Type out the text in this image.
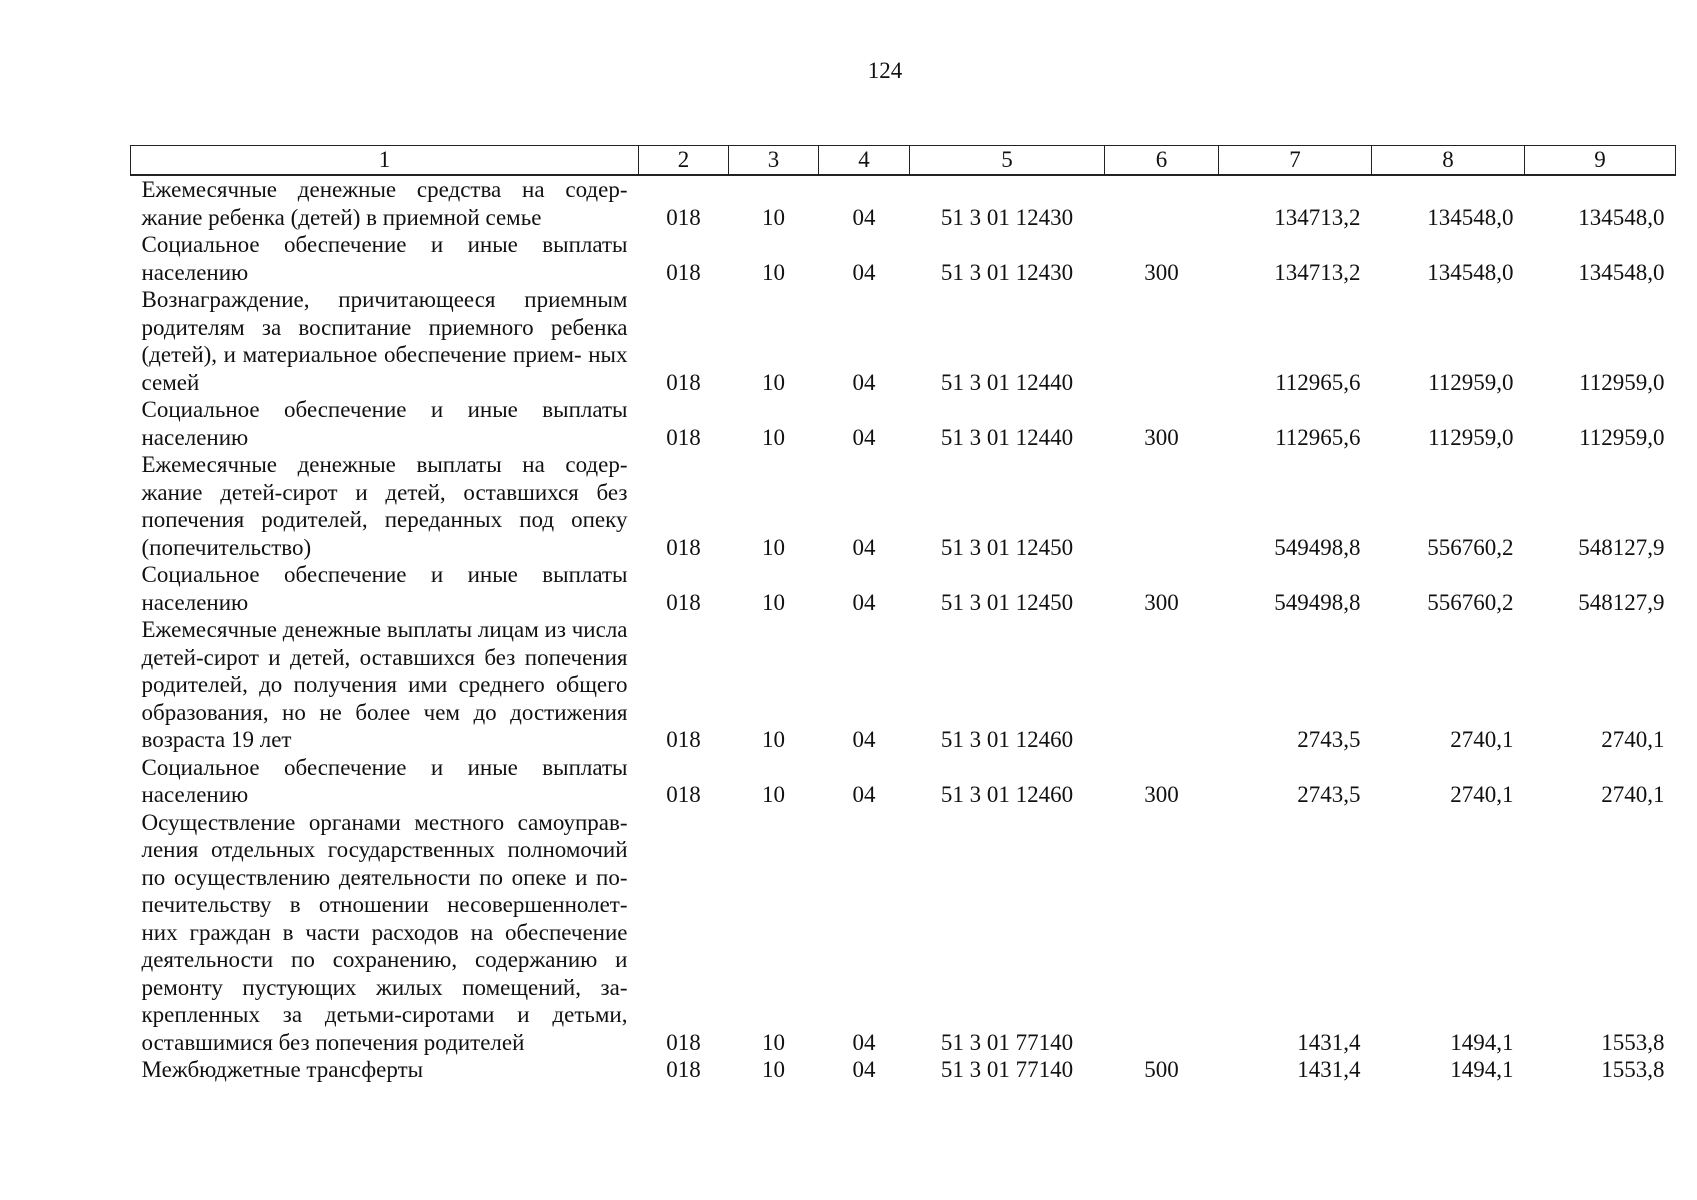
124
1	2	3	4	5	6	7	8	9
Ежемесячные денежные средства на содер- жание ребенка (детей) в приемной семье	018	10	04	51 3 01 12430		134713,2	134548,0	134548,0
Социальное обеспечение и иные выплаты населению	018	10	04	51 3 01 12430	300	134713,2	134548,0	134548,0
Вознаграждение, причитающееся приемным родителям за воспитание приемного ребенка (детей), и материальное обеспечение прием- ных семей	018	10	04	51 3 01 12440		112965,6	112959,0	112959,0
Социальное обеспечение и иные выплаты населению	018	10	04	51 3 01 12440	300	112965,6	112959,0	112959,0
Ежемесячные денежные выплаты на содер- жание детей-сирот и детей, оставшихся без попечения родителей, переданных под опеку (попечительство)	018	10	04	51 3 01 12450		549498,8	556760,2	548127,9
Социальное обеспечение и иные выплаты населению	018	10	04	51 3 01 12450	300	549498,8	556760,2	548127,9
Ежемесячные денежные выплаты лицам из числа детей-сирот и детей, оставшихся без попечения родителей, до получения ими среднего общего образования, но не более чем до достижения возраста 19 лет	018	10	04	51 3 01 12460		2743,5	2740,1	2740,1
Социальное обеспечение и иные выплаты населению	018	10	04	51 3 01 12460	300	2743,5	2740,1	2740,1
Осуществление органами местного самоуправ- ления отдельных государственных полномочий по осуществлению деятельности по опеке и по- печительству в отношении несовершеннолет- них граждан в части расходов на обеспечение деятельности по сохранению, содержанию и ремонту пустующих жилых помещений, за- крепленных за детьми-сиротами и детьми, оставшимися без попечения родителей	018	10	04	51 3 01 77140		1431,4	1494,1	1553,8
Межбюджетные трансферты	018	10	04	51 3 01 77140	500	1431,4	1494,1	1553,8
